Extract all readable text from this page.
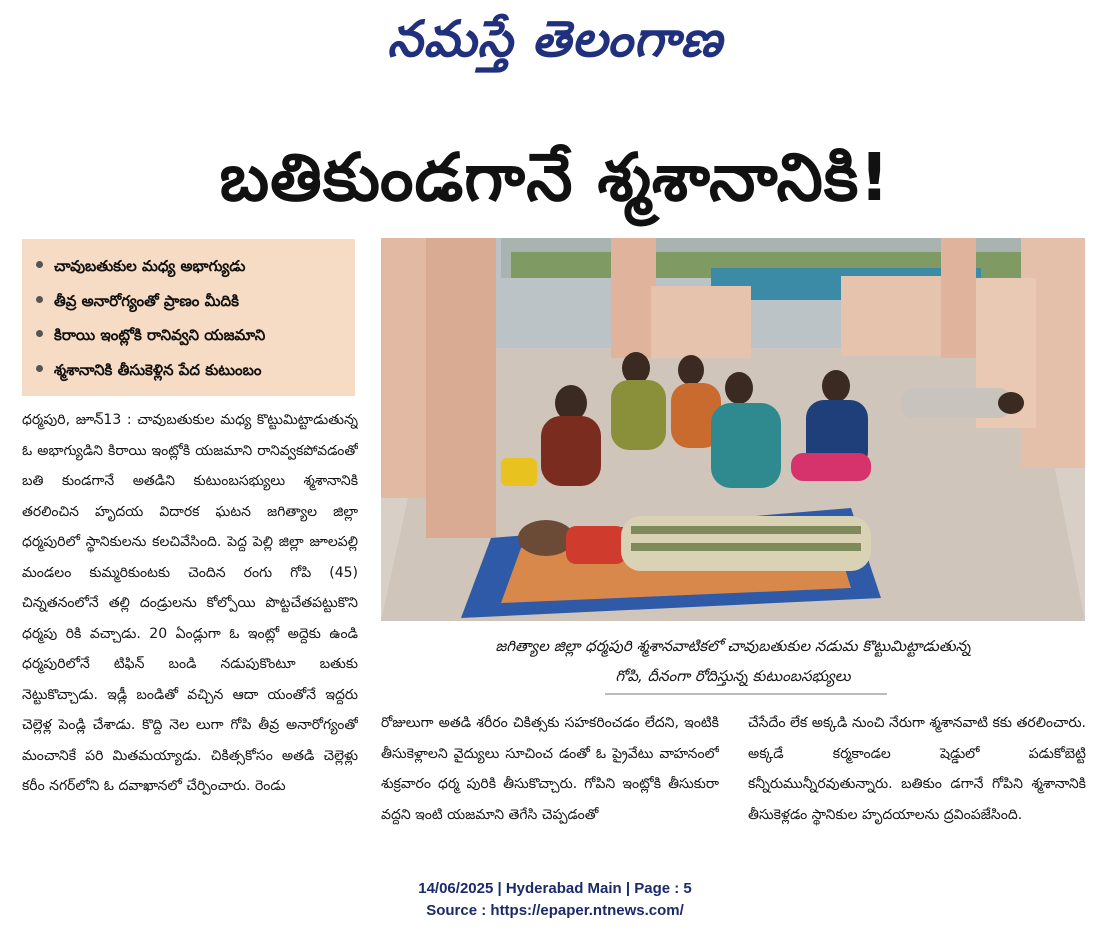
నమస్తే తెలంగాణ
బతికుండగానే శ్మశానానికి!
చావుబతుకుల మధ్య అభాగ్యుడు
తీవ్ర అనారోగ్యంతో ప్రాణం మీదికి
కిరాయి ఇంట్లోకి రానివ్వని యజమాని
శ్మశానానికి తీసుకెళ్లిన పేద కుటుంబం

ధర్మపురి, జూన్13 : చావుబతుకుల మధ్య కొట్టుమిట్టాడుతున్న ఓ అభాగ్యుడిని కిరాయి ఇంట్లోకి యజమాని రానివ్వకపోవడంతో బతి కుండగానే అతడిని కుటుంబసభ్యులు శ్మశానానికి తరలించిన హృదయ విదారక ఘటన జగిత్యాల జిల్లా ధర్మపురిలో స్థానికులను కలచివేసింది. పెద్ద పెల్లి జిల్లా జూలపల్లి మండలం కుమ్మరికుంటకు చెందిన రంగు గోపి (45) చిన్నతనంలోనే తల్లి దండ్రులను కోల్పోయి పొట్టచేతపట్టుకొని ధర్మపు రికి వచ్చాడు. 20 ఏండ్లుగా ఓ ఇంట్లో అద్దెకు ఉండి ధర్మపురిలోనే టిఫిన్ బండి నడుపుకొంటూ బతుకు నెట్టుకొచ్చాడు. ఇడ్లీ బండితో వచ్చిన ఆదా యంతోనే ఇద్దరు చెల్లెళ్ల పెండ్లి చేశాడు. కొద్ది నెల లుగా గోపి తీవ్ర అనారోగ్యంతో మంచానికే పరి మితమయ్యాడు. చికిత్సకోసం అతడి చెల్లెళ్లు కరీం నగర్‌లోని ఓ దవాఖానలో చేర్పించారు. రెండు

జగిత్యాల జిల్లా ధర్మపురి శ్మశానవాటికలో చావుబతుకుల నడుమ కొట్టుమిట్టాడుతున్న
గోపి, దీనంగా రోదిస్తున్న కుటుంబసభ్యులు

రోజులుగా అతడి శరీరం చికిత్సకు సహకరించడం లేదని, ఇంటికి తీసుకెళ్లాలని వైద్యులు సూచించ డంతో ఓ ప్రైవేటు వాహనంలో శుక్రవారం ధర్మ పురికి తీసుకొచ్చారు. గోపిని ఇంట్లోకి తీసుకురా వద్దని ఇంటి యజమాని తెగేసి చెప్పడంతో

చేసేదేం లేక అక్కడి నుంచి నేరుగా శ్మశానవాటి కకు తరలించారు. అక్కడే కర్మకాండల షెడ్డులో పడుకోబెట్టి కన్నీరుమున్నీరవుతున్నారు. బతికుం డగానే గోపిని శ్మశానానికి తీసుకెళ్లడం స్థానికుల హృదయాలను ద్రవింపజేసింది.

14/06/2025 | Hyderabad Main | Page : 5
Source : https://epaper.ntnews.com/
